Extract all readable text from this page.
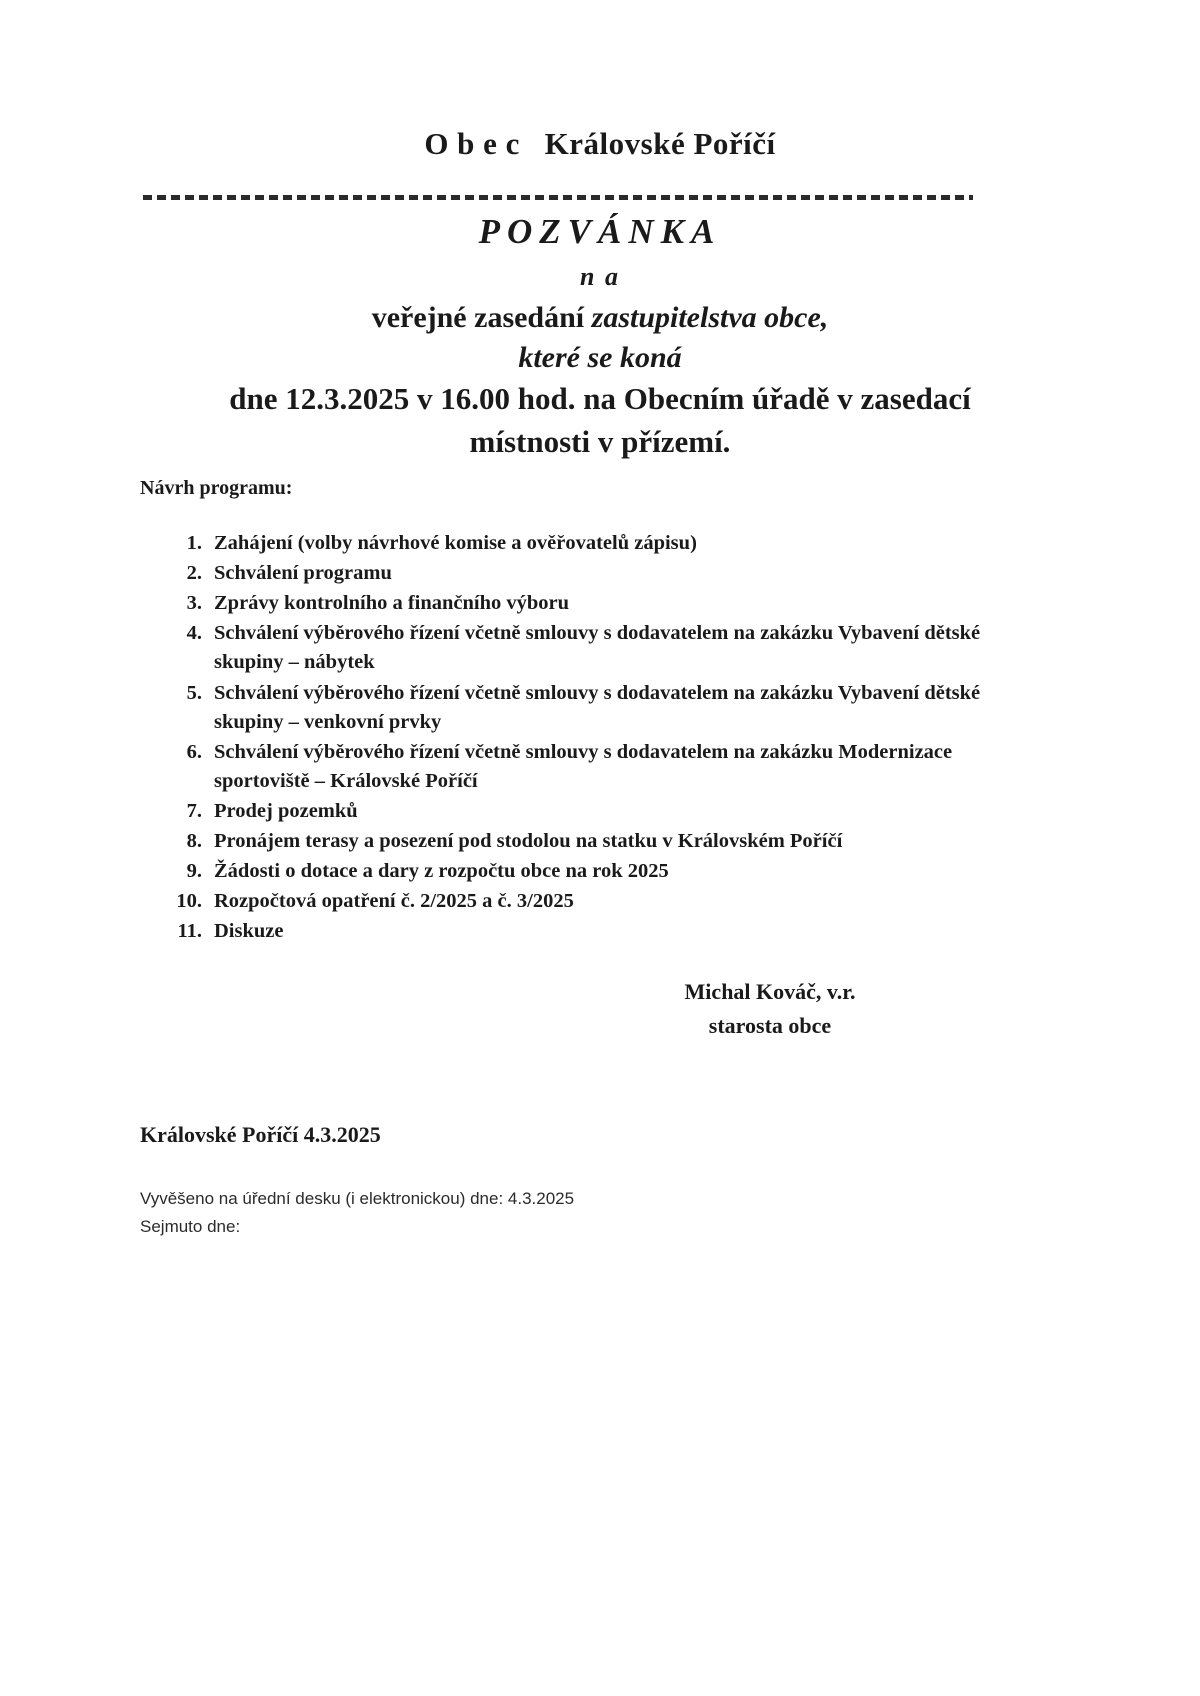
O b e c   Královské Poříčí
POZVÁNKA
n a
veřejné zasedání zastupitelstva obce,
které se koná
dne 12.3.2025 v 16.00 hod. na Obecním úřadě v zasedací
místnosti v přízemí.
Návrh programu:
1. Zahájení (volby návrhové komise a ověřovatelů zápisu)
2. Schválení programu
3. Zprávy kontrolního a finančního výboru
4. Schválení výběrového řízení včetně smlouvy s dodavatelem na zakázku Vybavení dětské skupiny – nábytek
5. Schválení výběrového řízení včetně smlouvy s dodavatelem na zakázku Vybavení dětské skupiny – venkovní prvky
6. Schválení výběrového řízení včetně smlouvy s dodavatelem na zakázku Modernizace sportoviště – Královské Poříčí
7. Prodej pozemků
8. Pronájem terasy a posezení pod stodolou na statku v Královském Poříčí
9. Žádosti o dotace a dary z rozpočtu obce na rok 2025
10. Rozpočtová opatření č. 2/2025 a č. 3/2025
11. Diskuze
Michal Kováč, v.r.
starosta obce
Královské Poříčí 4.3.2025
Vyvěšeno na úřední desku (i elektronickou) dne: 4.3.2025
Sejmuto dne:
